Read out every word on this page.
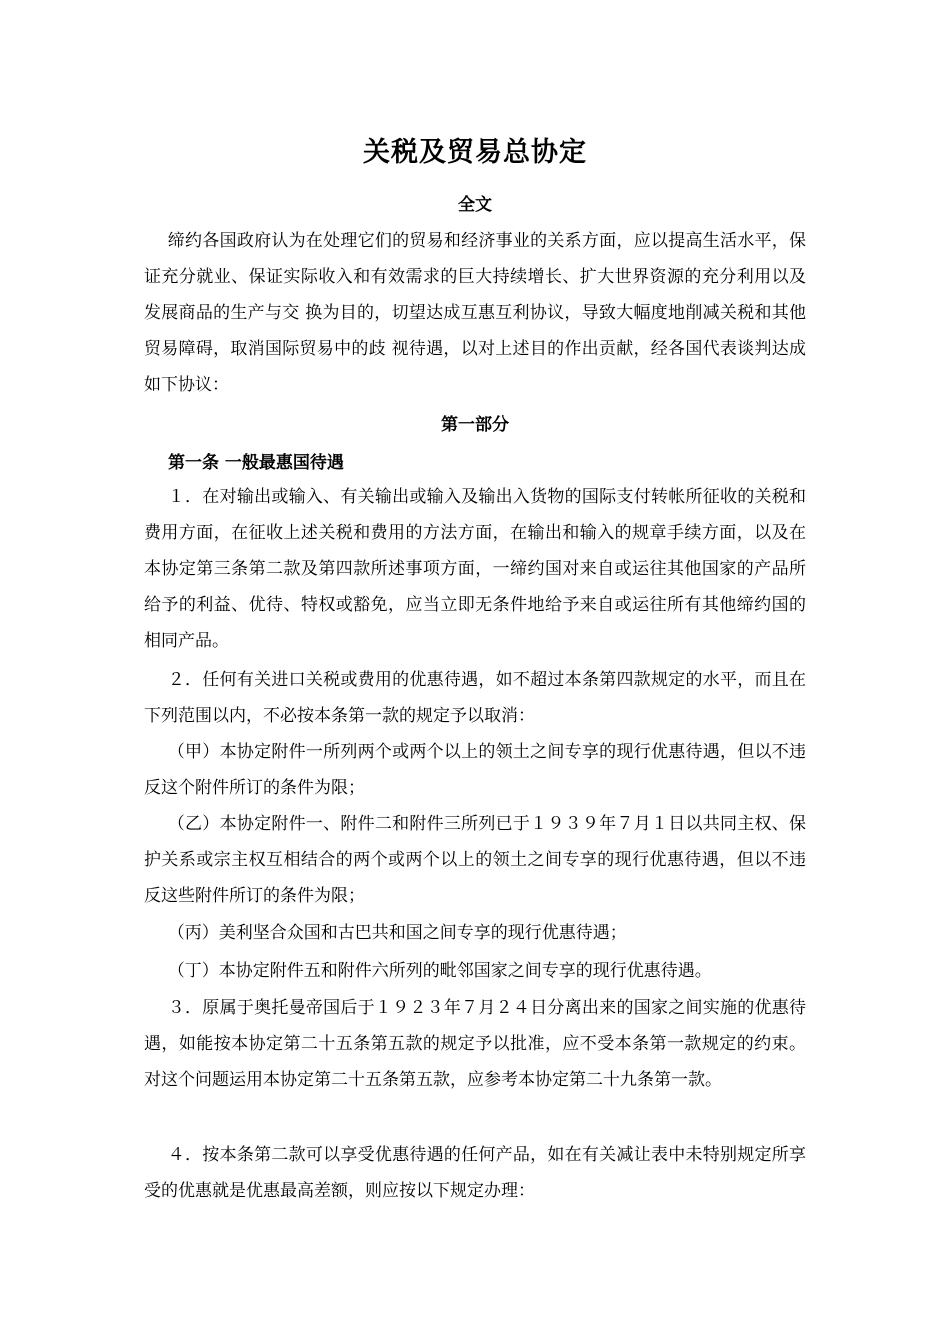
关税及贸易总协定
全文
缔约各国政府认为在处理它们的贸易和经济事业的关系方面，应以提高生活水平，保证充分就业、保证实际收入和有效需求的巨大持续增长、扩大世界资源的充分利用以及发展商品的生产与交 换为目的，切望达成互惠互利协议，导致大幅度地削减关税和其他贸易障碍，取消国际贸易中的歧 视待遇，以对上述目的作出贡献，经各国代表谈判达成如下协议：
第一部分
第一条 一般最惠国待遇
１．在对输出或输入、有关输出或输入及输出入货物的国际支付转帐所征收的关税和费用方面，在征收上述关税和费用的方法方面，在输出和输入的规章手续方面，以及在本协定第三条第二款及第四款所述事项方面，一缔约国对来自或运往其他国家的产品所给予的利益、优待、特权或豁免，应当立即无条件地给予来自或运往所有其他缔约国的相同产品。
２．任何有关进口关税或费用的优惠待遇，如不超过本条第四款规定的水平，而且在下列范围以内，不必按本条第一款的规定予以取消：
（甲）本协定附件一所列两个或两个以上的领土之间专享的现行优惠待遇，但以不违反这个附件所订的条件为限；
（乙）本协定附件一、附件二和附件三所列已于１９３９年７月１日以共同主权、保护关系或宗主权互相结合的两个或两个以上的领土之间专享的现行优惠待遇，但以不违反这些附件所订的条件为限；
（丙）美利坚合众国和古巴共和国之间专享的现行优惠待遇；
（丁）本协定附件五和附件六所列的毗邻国家之间专享的现行优惠待遇。
３．原属于奥托曼帝国后于１９２３年７月２４日分离出来的国家之间实施的优惠待遇，如能按本协定第二十五条第五款的规定予以批准，应不受本条第一款规定的约束。对这个问题运用本协定第二十五条第五款，应参考本协定第二十九条第一款。
４．按本条第二款可以享受优惠待遇的任何产品，如在有关减让表中未特别规定所享受的优惠就是优惠最高差额，则应按以下规定办理：
